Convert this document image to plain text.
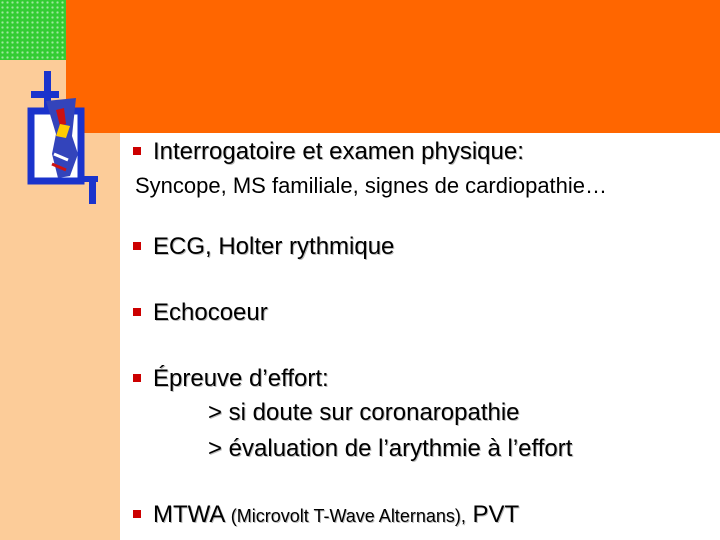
Interrogatoire et examen physique:
Syncope, MS familiale, signes de cardiopathie…
ECG, Holter rythmique
Echocoeur
Épreuve d’effort:
> si doute sur coronaropathie
> évaluation de l’arythmie à l’effort
MTWA (Microvolt T-Wave Alternans), PVT
